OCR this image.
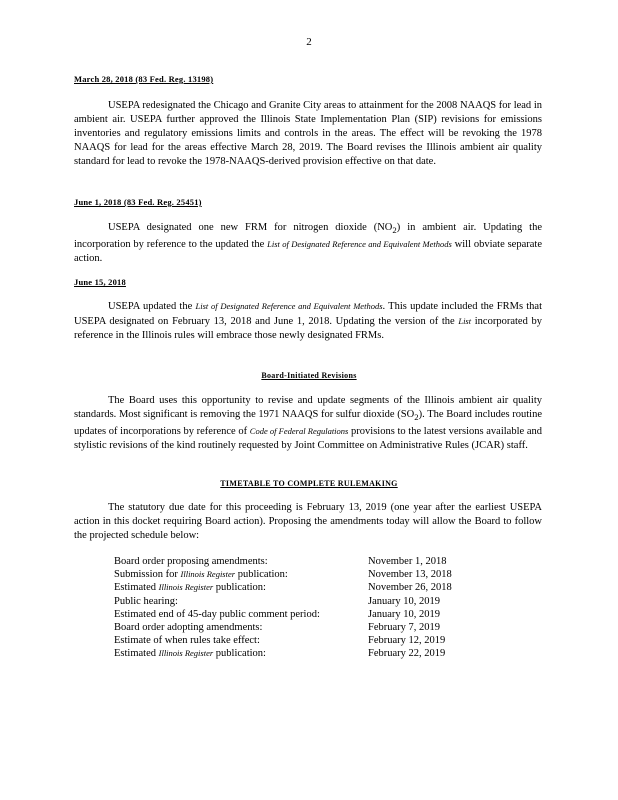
2
March 28, 2018 (83 Fed. Reg. 13198)
USEPA redesignated the Chicago and Granite City areas to attainment for the 2008 NAAQS for lead in ambient air. USEPA further approved the Illinois State Implementation Plan (SIP) revisions for emissions inventories and regulatory emissions limits and controls in the areas. The effect will be revoking the 1978 NAAQS for lead for the areas effective March 28, 2019. The Board revises the Illinois ambient air quality standard for lead to revoke the 1978-NAAQS-derived provision effective on that date.
June 1, 2018 (83 Fed. Reg. 25451)
USEPA designated one new FRM for nitrogen dioxide $(NO_2)$ in ambient air. Updating the incorporation by reference to the updated the List of Designated Reference and Equivalent Methods will obviate separate action.
June 15, 2018
USEPA updated the List of Designated Reference and Equivalent Methods. This update included the FRMs that USEPA designated on February 13, 2018 and June 1, 2018. Updating the version of the List incorporated by reference in the Illinois rules will embrace those newly designated FRMs.
Board-Initiated Revisions
The Board uses this opportunity to revise and update segments of the Illinois ambient air quality standards. Most significant is removing the 1971 NAAQS for sulfur dioxide $(SO_2)$. The Board includes routine updates of incorporations by reference of Code of Federal Regulations provisions to the latest versions available and stylistic revisions of the kind routinely requested by Joint Committee on Administrative Rules (JCAR) staff.
TIMETABLE TO COMPLETE RULEMAKING
The statutory due date for this proceeding is February 13, 2019 (one year after the earliest USEPA action in this docket requiring Board action). Proposing the amendments today will allow the Board to follow the projected schedule below:
Board order proposing amendments:	November 1, 2018
Submission for Illinois Register publication:	November 13, 2018
Estimated Illinois Register publication:	November 26, 2018
Public hearing:	January 10, 2019
Estimated end of 45-day public comment period:	January 10, 2019
Board order adopting amendments:	February 7, 2019
Estimate of when rules take effect:	February 12, 2019
Estimated Illinois Register publication:	February 22, 2019
